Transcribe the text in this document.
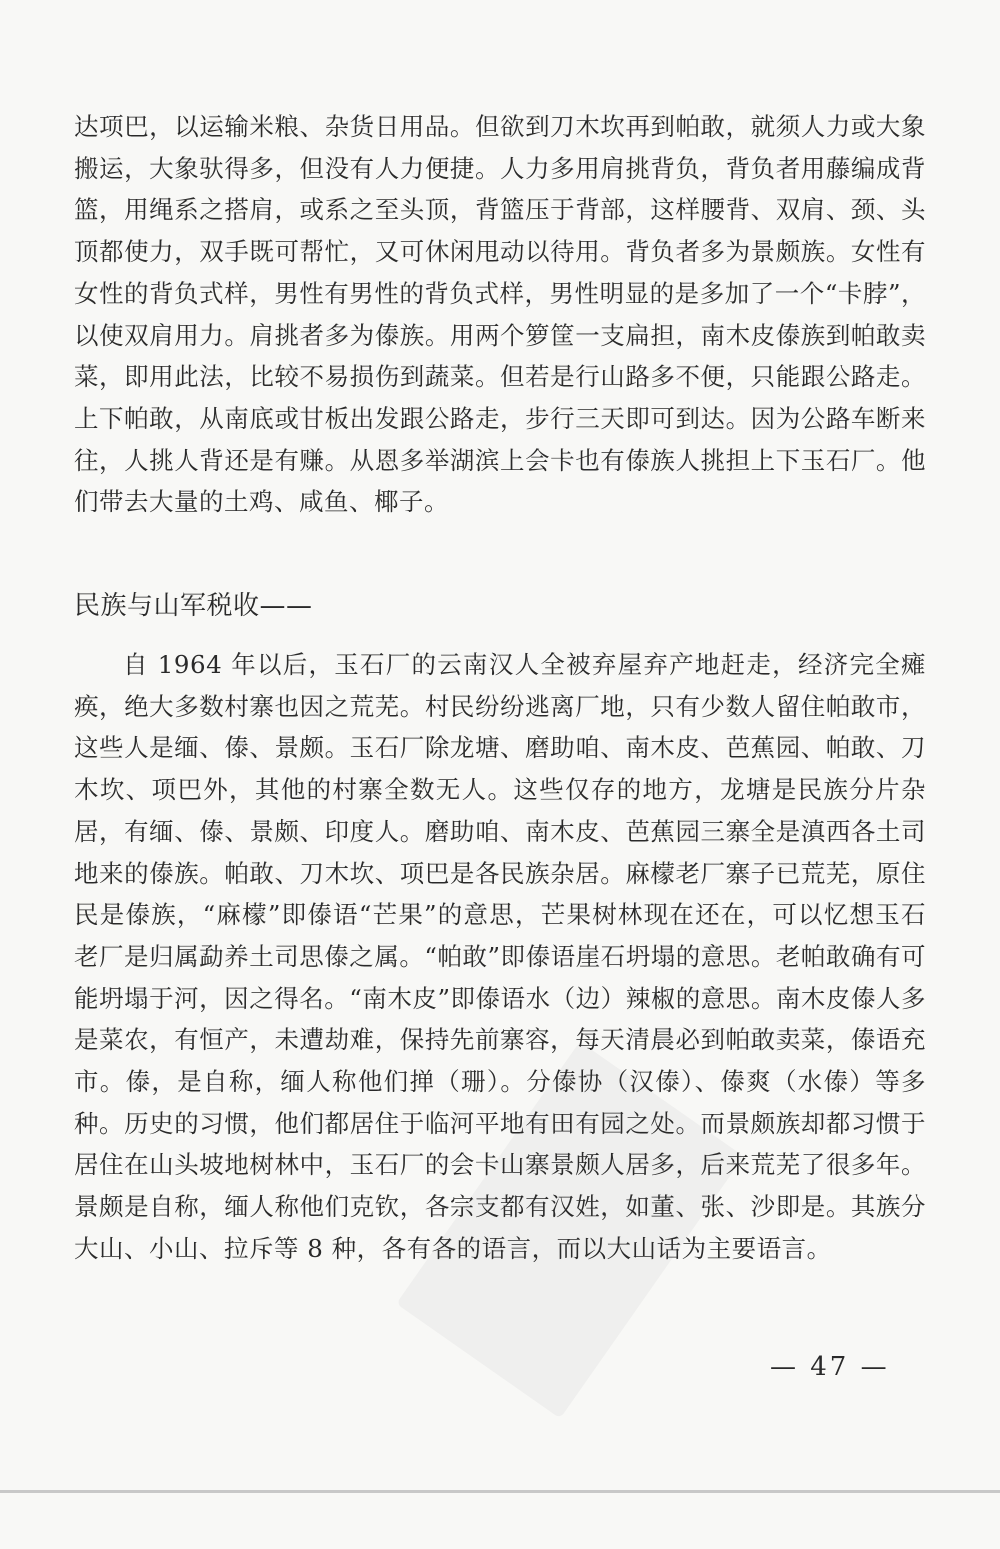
达项巴，以运输米粮、杂货日用品。但欲到刀木坎再到帕敢，就须人力或大象搬运，大象驮得多，但没有人力便捷。人力多用肩挑背负，背负者用藤编成背篮，用绳系之搭肩，或系之至头顶，背篮压于背部，这样腰背、双肩、颈、头顶都使力，双手既可帮忙，又可休闲甩动以待用。背负者多为景颇族。女性有女性的背负式样，男性有男性的背负式样，男性明显的是多加了一个“卡脖”，以使双肩用力。肩挑者多为傣族。用两个箩筐一支扁担，南木皮傣族到帕敢卖菜，即用此法，比较不易损伤到蔬菜。但若是行山路多不便，只能跟公路走。上下帕敢，从南底或甘板出发跟公路走，步行三天即可到达。因为公路车断来往，人挑人背还是有赚。从恩多举湖滨上会卡也有傣族人挑担上下玉石厂。他们带去大量的土鸡、咸鱼、椰子。

民族与山军税收——

自 1964 年以后，玉石厂的云南汉人全被弃屋弃产地赶走，经济完全瘫痪，绝大多数村寨也因之荒芜。村民纷纷逃离厂地，只有少数人留住帕敢市，这些人是缅、傣、景颇。玉石厂除龙塘、磨助咱、南木皮、芭蕉园、帕敢、刀木坎、项巴外，其他的村寨全数无人。这些仅存的地方，龙塘是民族分片杂居，有缅、傣、景颇、印度人。磨助咱、南木皮、芭蕉园三寨全是滇西各土司地来的傣族。帕敢、刀木坎、项巴是各民族杂居。麻檬老厂寨子已荒芜，原住民是傣族，“麻檬”即傣语“芒果”的意思，芒果树林现在还在，可以忆想玉石老厂是归属勐养土司思傣之属。“帕敢”即傣语崖石坍塌的意思。老帕敢确有可能坍塌于河，因之得名。“南木皮”即傣语水（边）辣椒的意思。南木皮傣人多是菜农，有恒产，未遭劫难，保持先前寨容，每天清晨必到帕敢卖菜，傣语充市。傣，是自称，缅人称他们掸（珊）。分傣协（汉傣）、傣爽（水傣）等多种。历史的习惯，他们都居住于临河平地有田有园之处。而景颇族却都习惯于居住在山头坡地树林中，玉石厂的会卡山寨景颇人居多，后来荒芜了很多年。景颇是自称，缅人称他们克钦，各宗支都有汉姓，如董、张、沙即是。其族分大山、小山、拉斥等 8 种，各有各的语言，而以大山话为主要语言。

— 47 —
